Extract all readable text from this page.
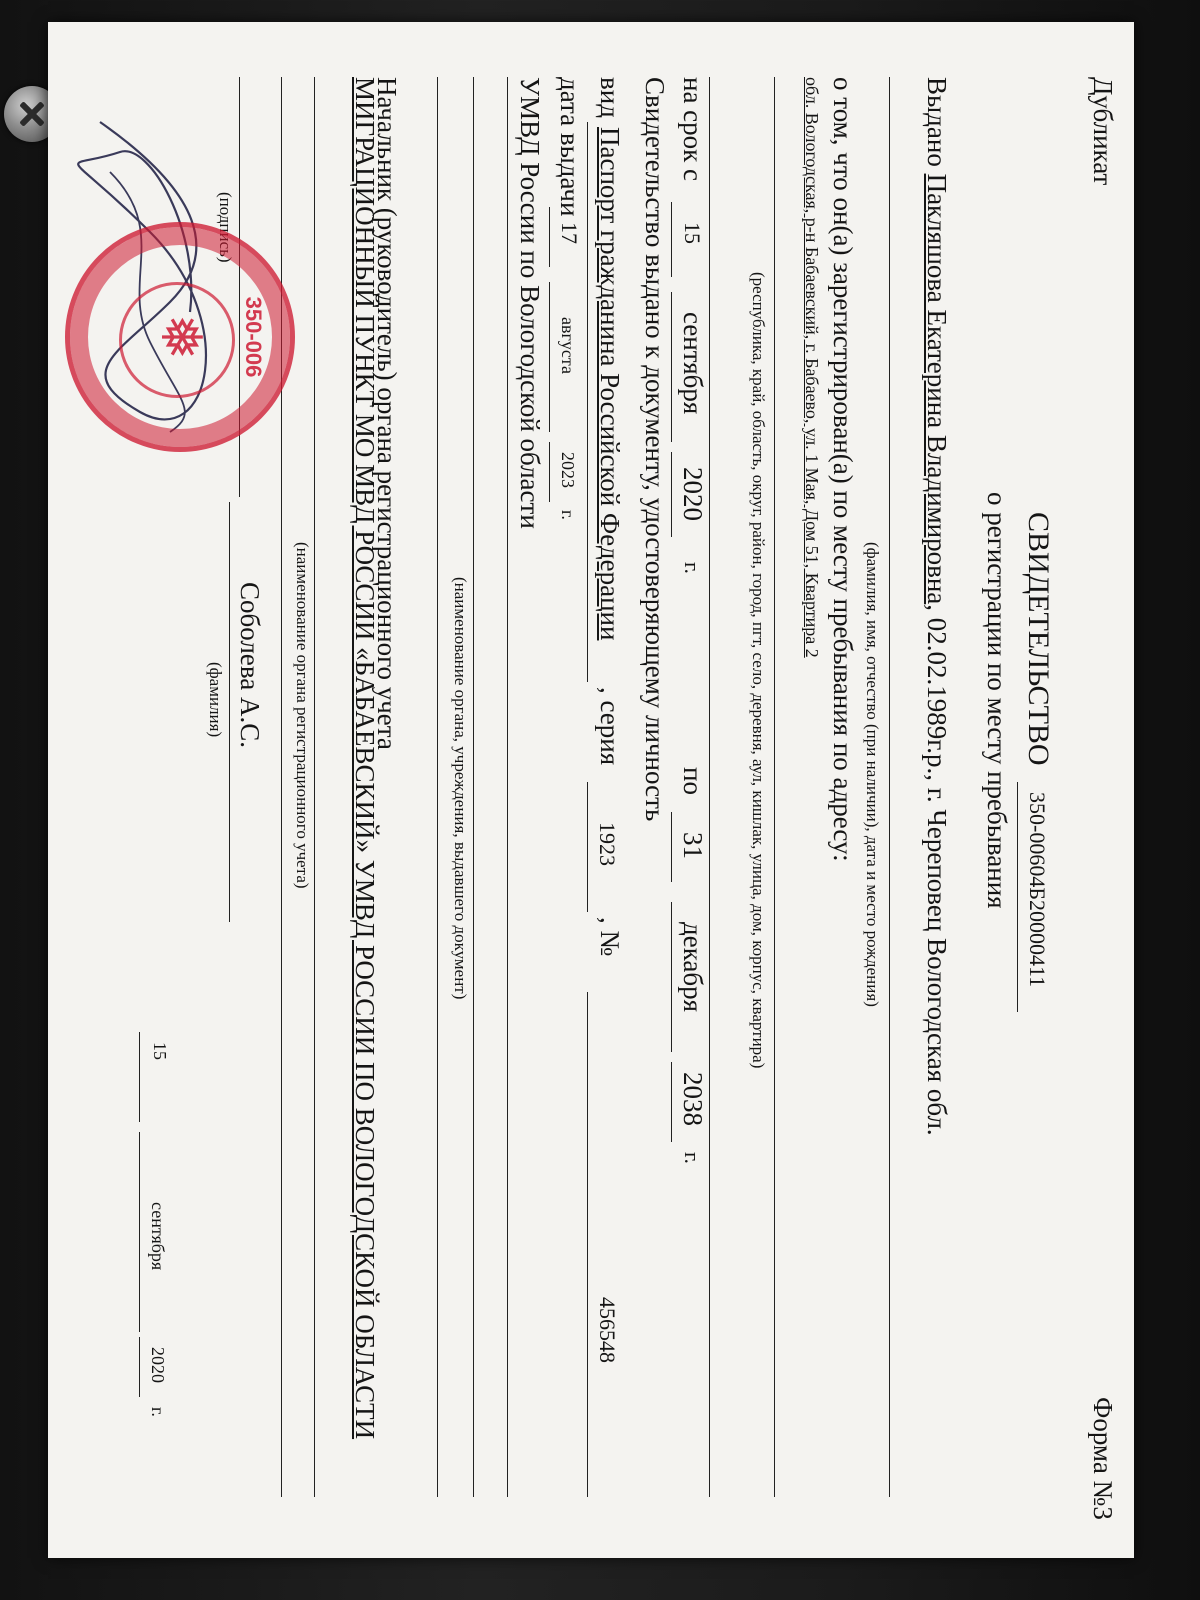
Дубликат
Форма №3
СВИДЕТЕЛЬСТВО
350-00604Б20000411
о регистрации по месту пребывания
Выдано Пакляшова Екатерина Владимировна, 02.02.1989г.р., г. Череповец Вологодская обл.
(фамилия, имя, отчество (при наличии), дата и место рождения)
о том, что он(а) зарегистрирован(а) по месту пребывания по адресу:
обл. Вологодская, р-н Бабаевский, г. Бабаево, ул. 1 Мая, Дом 51, Квартира 2
(республика, край, область, округ, район, город, пгт, село, деревня, аул, кишлак, улица, дом, корпус, квартира)
на срок с
15
сентября
2020
г.
по
31
декабря
2038
г.
Свидетельство выдано к документу, удостоверяющему личность
вид
Паспорт гражданина Российской Федерации
, серия
1923
, №
456548
дата выдачи
17
августа
2023
г.
УМВД России по Вологодской области
(наименование органа, учреждения, выдавшего документ)
Начальник (руководитель) органа регистрационного учета
МИГРАЦИОННЫЙ ПУНКТ МО МВД РОССИИ «БАБАЕВСКИЙ» УМВД РОССИИ ПО ВОЛОГОДСКОЙ ОБЛАСТИ
(наименование органа регистрационного учета)
(подпись)
Соболева А.С.
(фамилия)
15
сентября
2020
г.
350-006
❅
